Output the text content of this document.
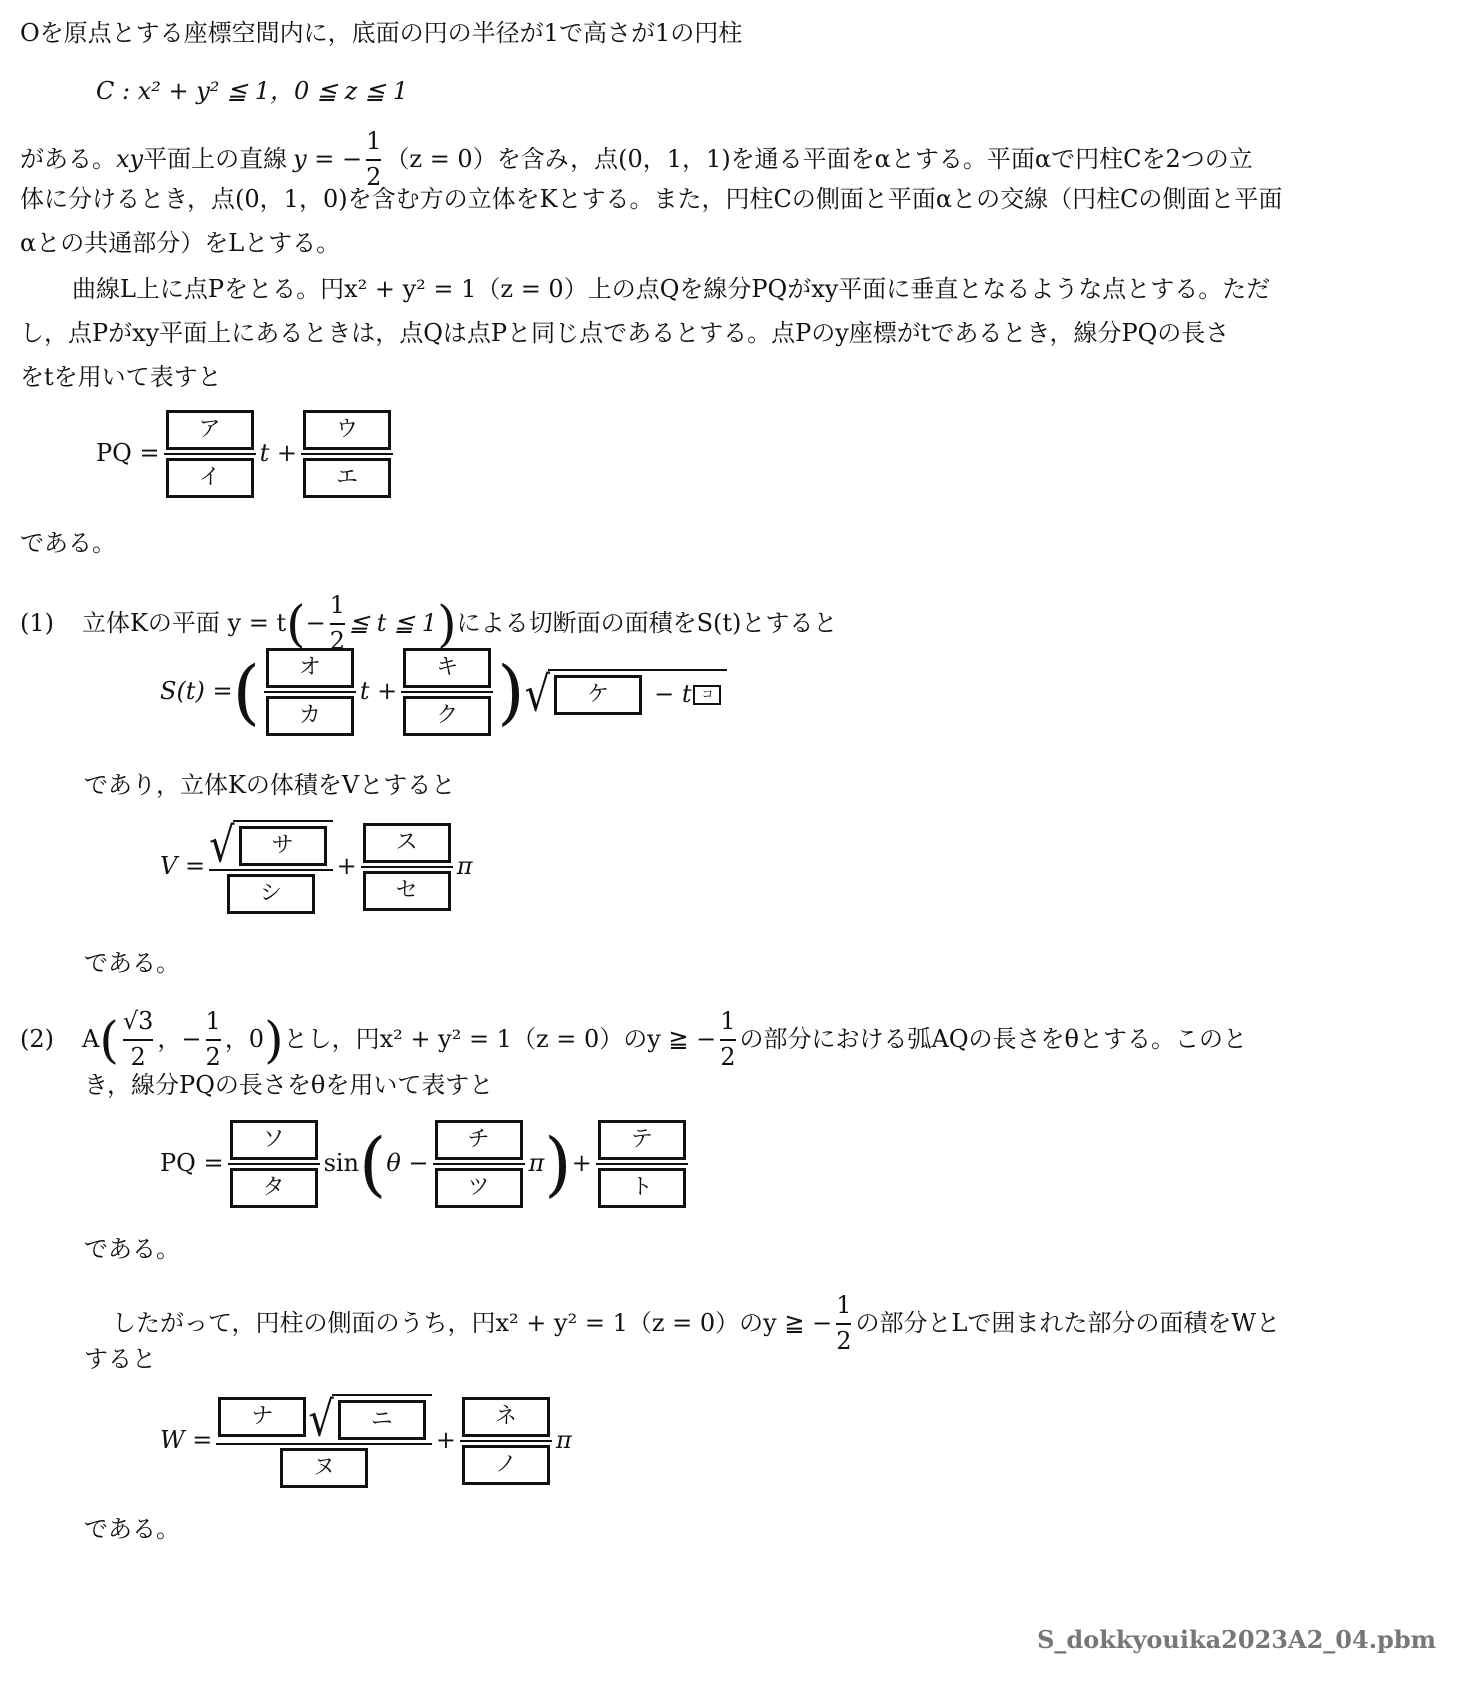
Oを原点とする座標空間内に，底面の円の半径が1で高さが1の円柱
C : x² + y² ≦ 1，0 ≦ z ≦ 1
がある。 xy 平面上の直線 y = − $\frac{1}{2} (z = 0)$を含み，点(0，1，1)を通る平面をαとする。平面αで円柱Cを2つの立
体に分けるとき，点(0，1，0)を含む方の立体をKとする。また，円柱Cの側面と平面αとの交線（円柱Cの側面と平面
αとの共通部分）をLとする。
曲線L上に点Pをとる。円x² + y² = 1（z = 0）上の点Qを線分PQがxy平面に垂直となるような点とする。ただ
し，点Pがxy平面上にあるときは，点Qは点Pと同じ点であるとする。点Pのy座標がtであるとき，線分PQの長さ
をtを用いて表すと
PQ = $\frac{\text{ア}}{\text{イ}}$ $t + \frac{\text{ウ}}{\text{エ}}$
である。
(1)	立体Kの平面 y = t ( − $\frac{1}{2}$ ≦ t ≦ 1 ) による切断面の面積をS(t)とすると
S(t) = ( $\frac{\text{オ}}{\text{カ}}$ $t + \frac{\text{キ}}{\text{ク}}$ ) √	ケ	− t コ
であり，立体Kの体積をVとすると
V = √	サ
シ + $\frac{\text{ス}}{\text{セ}}$ π
である。
(2)	A ( $\frac{√3}{2}$ ，− $\frac{1}{2}$ ，0 ) とし，円x² + y² = 1（z = 0）のy ≧ − $\frac{1}{2}$ の部分における弧AQの長さをθとする。このと
き，線分PQの長さをθを用いて表すと
PQ = $\frac{\text{ソ}}{\text{タ}}$ sin ( $\theta - \frac{\text{チ}}{\text{ツ}}$ π ) + $\frac{\text{テ}}{\text{ト}}$
である。
したがって，円柱の側面のうち，円x² + y² = 1（z = 0）のy ≧ − $\frac{1}{2}$ の部分とLで囲まれた部分の面積をWと
すると
W = ナ √	ニ
ヌ + $\frac{\text{ネ}}{\text{ノ}}$ π
である。
S_dokkyouika2023A2_04.pbm
